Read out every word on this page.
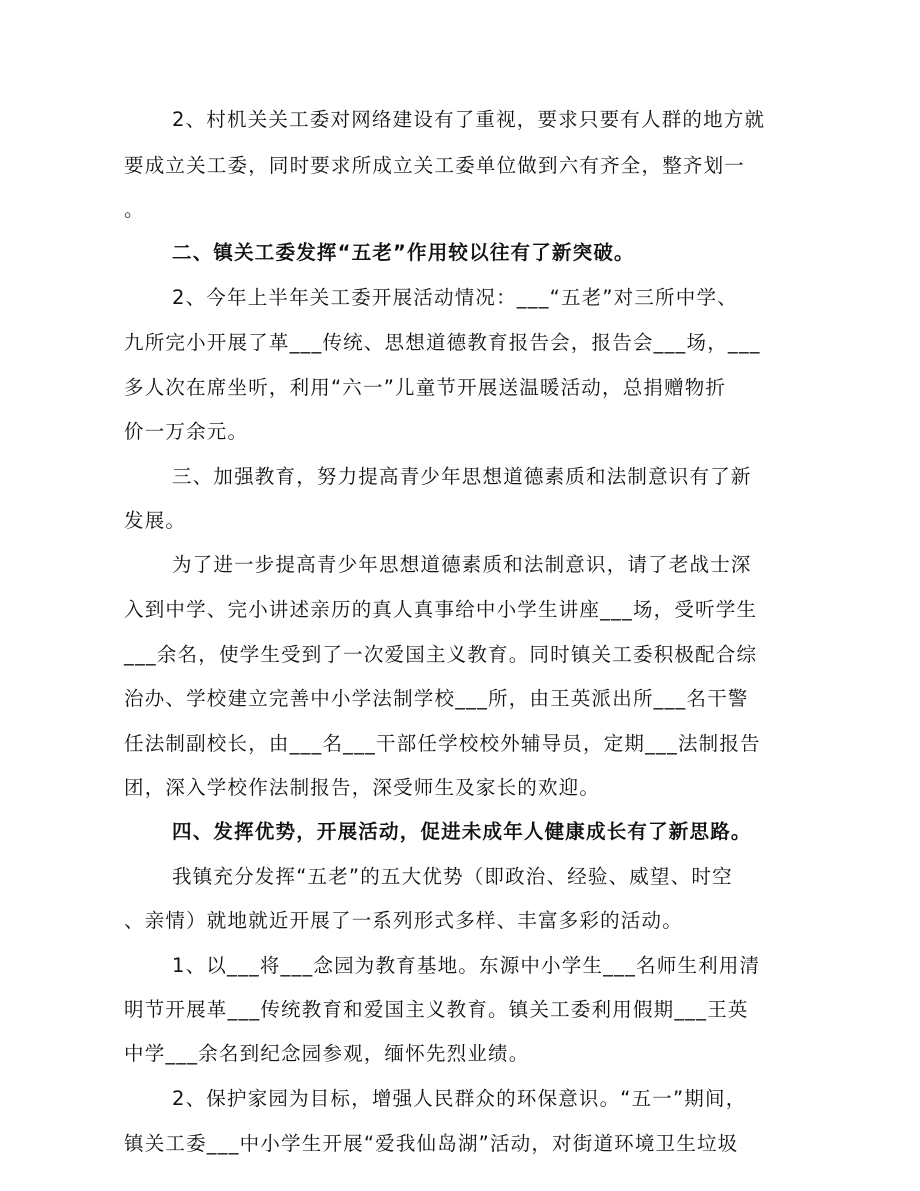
2、村机关关工委对网络建设有了重视，要求只要有人群的地方就
要成立关工委，同时要求所成立关工委单位做到六有齐全，整齐划一
。
二、镇关工委发挥“五老”作用较以往有了新突破。
2、今年上半年关工委开展活动情况：___“五老”对三所中学、
九所完小开展了革___传统、思想道德教育报告会，报告会___场，___
多人次在席坐听，利用“六一”儿童节开展送温暖活动，总捐赠物折
价一万余元。
三、加强教育，努力提高青少年思想道德素质和法制意识有了新
发展。
为了进一步提高青少年思想道德素质和法制意识，请了老战士深
入到中学、完小讲述亲历的真人真事给中小学生讲座___场，受听学生
___余名，使学生受到了一次爱国主义教育。同时镇关工委积极配合综
治办、学校建立完善中小学法制学校___所，由王英派出所___名干警
任法制副校长，由___名___干部任学校校外辅导员，定期___法制报告
团，深入学校作法制报告，深受师生及家长的欢迎。
四、发挥优势，开展活动，促进未成年人健康成长有了新思路。
我镇充分发挥“五老”的五大优势（即政治、经验、威望、时空
、亲情）就地就近开展了一系列形式多样、丰富多彩的活动。
1、以___将___念园为教育基地。东源中小学生___名师生利用清
明节开展革___传统教育和爱国主义教育。镇关工委利用假期___王英
中学___余名到纪念园参观，缅怀先烈业绩。
2、保护家园为目标，增强人民群众的环保意识。“五一”期间，
镇关工委___中小学生开展“爱我仙岛湖”活动，对街道环境卫生垃圾
